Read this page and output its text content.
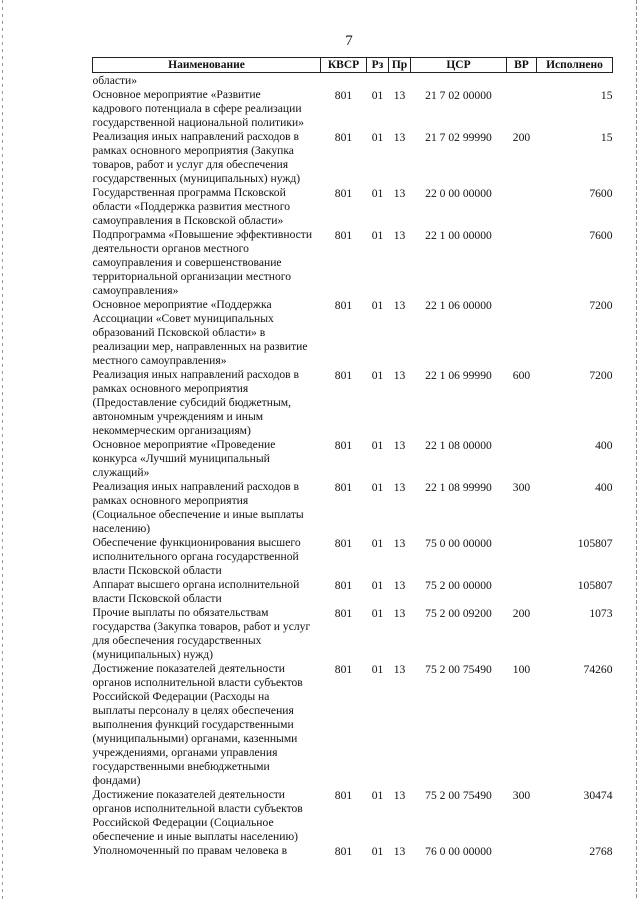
7
Наименование	КВСР	Рз	Пр	ЦСР	ВР	Исполнено
области»						
Основное мероприятие «Развитие кадрового потенциала в сфере реализации государственной национальной политики»	801	01	13	21 7 02 00000		15
Реализация иных направлений расходов в рамках основного мероприятия (Закупка товаров, работ и услуг для обеспечения государственных (муниципальных) нужд)	801	01	13	21 7 02 99990	200	15
Государственная программа Псковской области «Поддержка развития местного самоуправления в Псковской области»	801	01	13	22 0 00 00000		7600
Подпрограмма «Повышение эффективности деятельности органов местного самоуправления и совершенствование территориальной организации местного самоуправления»	801	01	13	22 1 00 00000		7600
Основное мероприятие «Поддержка Ассоциации «Совет муниципальных образований Псковской области» в реализации мер, направленных на развитие местного самоуправления»	801	01	13	22 1 06 00000		7200
Реализация иных направлений расходов в рамках основного мероприятия (Предоставление субсидий бюджетным, автономным учреждениям и иным некоммерческим организациям)	801	01	13	22 1 06 99990	600	7200
Основное мероприятие «Проведение конкурса «Лучший муниципальный служащий»	801	01	13	22 1 08 00000		400
Реализация иных направлений расходов в рамках основного мероприятия (Социальное обеспечение и иные выплаты населению)	801	01	13	22 1 08 99990	300	400
Обеспечение функционирования высшего исполнительного органа государственной власти Псковской области	801	01	13	75 0 00 00000		105807
Аппарат высшего органа исполнительной власти Псковской области	801	01	13	75 2 00 00000		105807
Прочие выплаты по обязательствам государства (Закупка товаров, работ и услуг для обеспечения государственных (муниципальных) нужд)	801	01	13	75 2 00 09200	200	1073
Достижение показателей деятельности органов исполнительной власти субъектов Российской Федерации (Расходы на выплаты персоналу в целях обеспечения выполнения функций государственными (муниципальными) органами, казенными учреждениями, органами управления государственными внебюджетными фондами)	801	01	13	75 2 00 75490	100	74260
Достижение показателей деятельности органов исполнительной власти субъектов Российской Федерации (Социальное обеспечение и иные выплаты населению)	801	01	13	75 2 00 75490	300	30474
Уполномоченный по правам человека в	801	01	13	76 0 00 00000		2768
